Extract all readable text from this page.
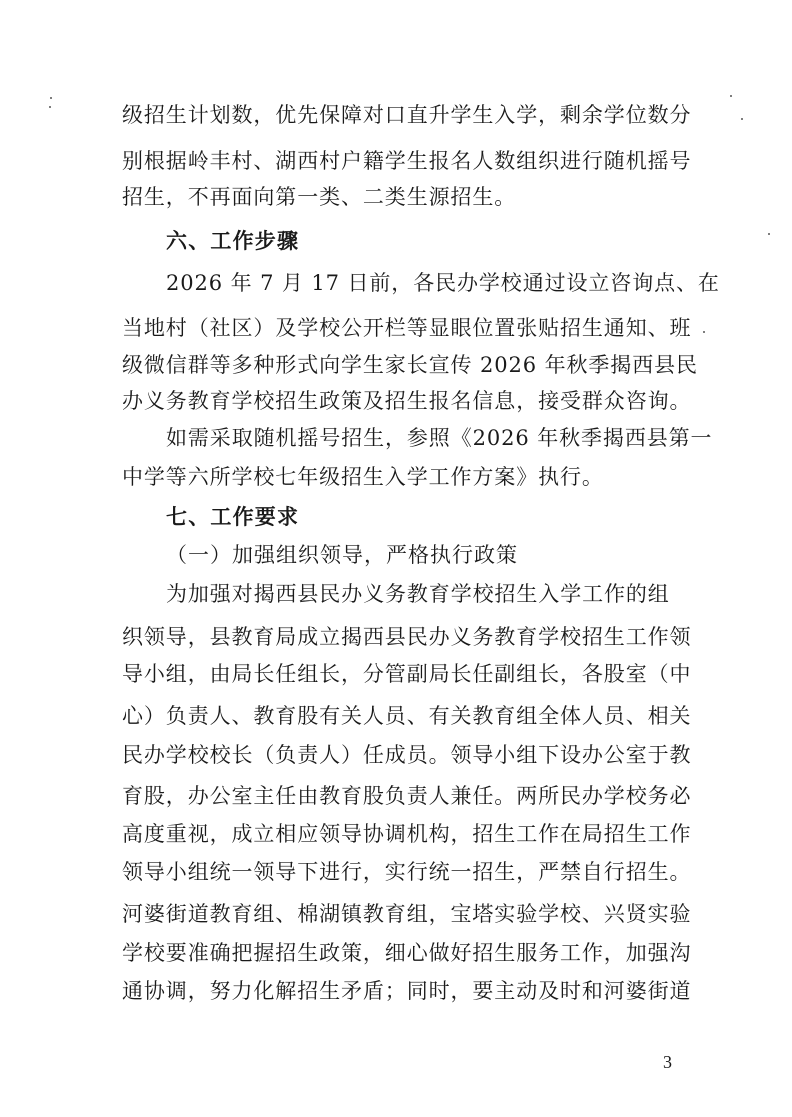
级招生计划数，优先保障对口直升学生入学，剩余学位数分
别根据岭丰村、湖西村户籍学生报名人数组织进行随机摇号
招生，不再面向第一类、二类生源招生。
六、工作步骤
2026 年 7 月 17 日前，各民办学校通过设立咨询点、在
当地村（社区）及学校公开栏等显眼位置张贴招生通知、班
级微信群等多种形式向学生家长宣传 2026 年秋季揭西县民
办义务教育学校招生政策及招生报名信息，接受群众咨询。
如需采取随机摇号招生，参照《2026 年秋季揭西县第一
中学等六所学校七年级招生入学工作方案》执行。
七、工作要求
（一）加强组织领导，严格执行政策
为加强对揭西县民办义务教育学校招生入学工作的组
织领导，县教育局成立揭西县民办义务教育学校招生工作领
导小组，由局长任组长，分管副局长任副组长，各股室（中
心）负责人、教育股有关人员、有关教育组全体人员、相关
民办学校校长（负责人）任成员。领导小组下设办公室于教
育股，办公室主任由教育股负责人兼任。两所民办学校务必
高度重视，成立相应领导协调机构，招生工作在局招生工作
领导小组统一领导下进行，实行统一招生，严禁自行招生。
河婆街道教育组、棉湖镇教育组，宝塔实验学校、兴贤实验
学校要准确把握招生政策，细心做好招生服务工作，加强沟
通协调，努力化解招生矛盾；同时，要主动及时和河婆街道
3
